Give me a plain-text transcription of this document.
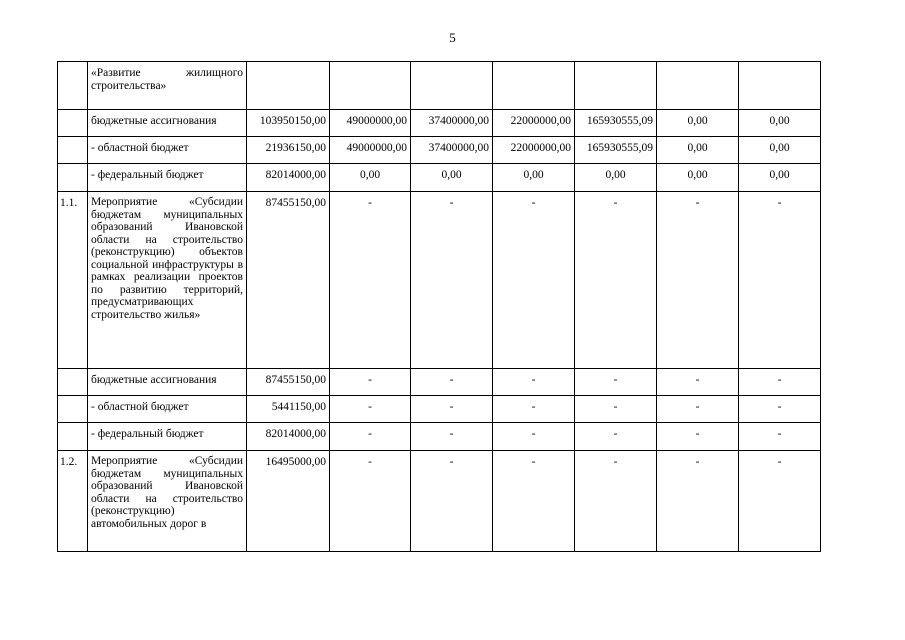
5
	«Развитие жилищного строительства»							
	бюджетные ассигнования	103950150,00	49000000,00	37400000,00	22000000,00	165930555,09	0,00	0,00
	- областной бюджет	21936150,00	49000000,00	37400000,00	22000000,00	165930555,09	0,00	0,00
	- федеральный бюджет	82014000,00	0,00	0,00	0,00	0,00	0,00	0,00
1.1.	Мероприятие «Субсидии бюджетам муниципальных образований Ивановской области на строительство (реконструкцию) объектов социальной инфраструктуры в рамках реализации проектов по развитию территорий, предусматривающих строительство жилья»	87455150,00	-	-	-	-	-	-
	бюджетные ассигнования	87455150,00	-	-	-	-	-	-
	- областной бюджет	5441150,00	-	-	-	-	-	-
	- федеральный бюджет	82014000,00	-	-	-	-	-	-
1.2.	Мероприятие «Субсидии бюджетам муниципальных образований Ивановской области на строительство (реконструкцию) автомобильных дорог в	16495000,00	-	-	-	-	-	-
